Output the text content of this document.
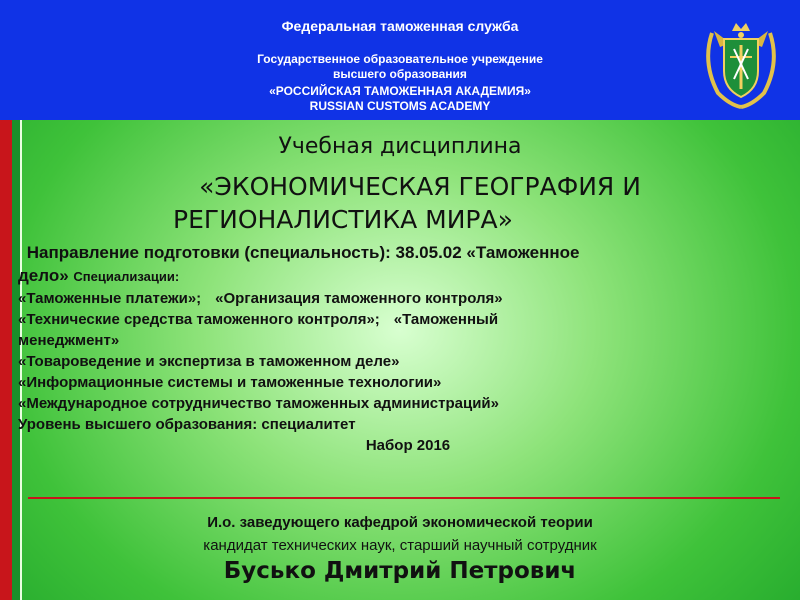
Федеральная таможенная служба
Государственное образовательное учреждение
высшего образования
«РОССИЙСКАЯ ТАМОЖЕННАЯ АКАДЕМИЯ»
RUSSIAN CUSTOMS ACADEMY
Учебная дисциплина
«ЭКОНОМИЧЕСКАЯ ГЕОГРАФИЯ И
РЕГИОНАЛИСТИКА МИРА»
Направление подготовки (специальность): 38.05.02 «Таможенное
дело» Специализации:
«Таможенные платежи»; «Организация таможенного контроля»
«Технические средства таможенного контроля»; «Таможенный
менеджмент»
«Товароведение и экспертиза в таможенном деле»
«Информационные системы и таможенные технологии»
«Международное сотрудничество таможенных администраций»
Уровень высшего образования: специалитет
Набор 2016
И.о. заведующего кафедрой экономической теории
кандидат технических наук, старший научный сотрудник
Бусько Дмитрий Петрович
